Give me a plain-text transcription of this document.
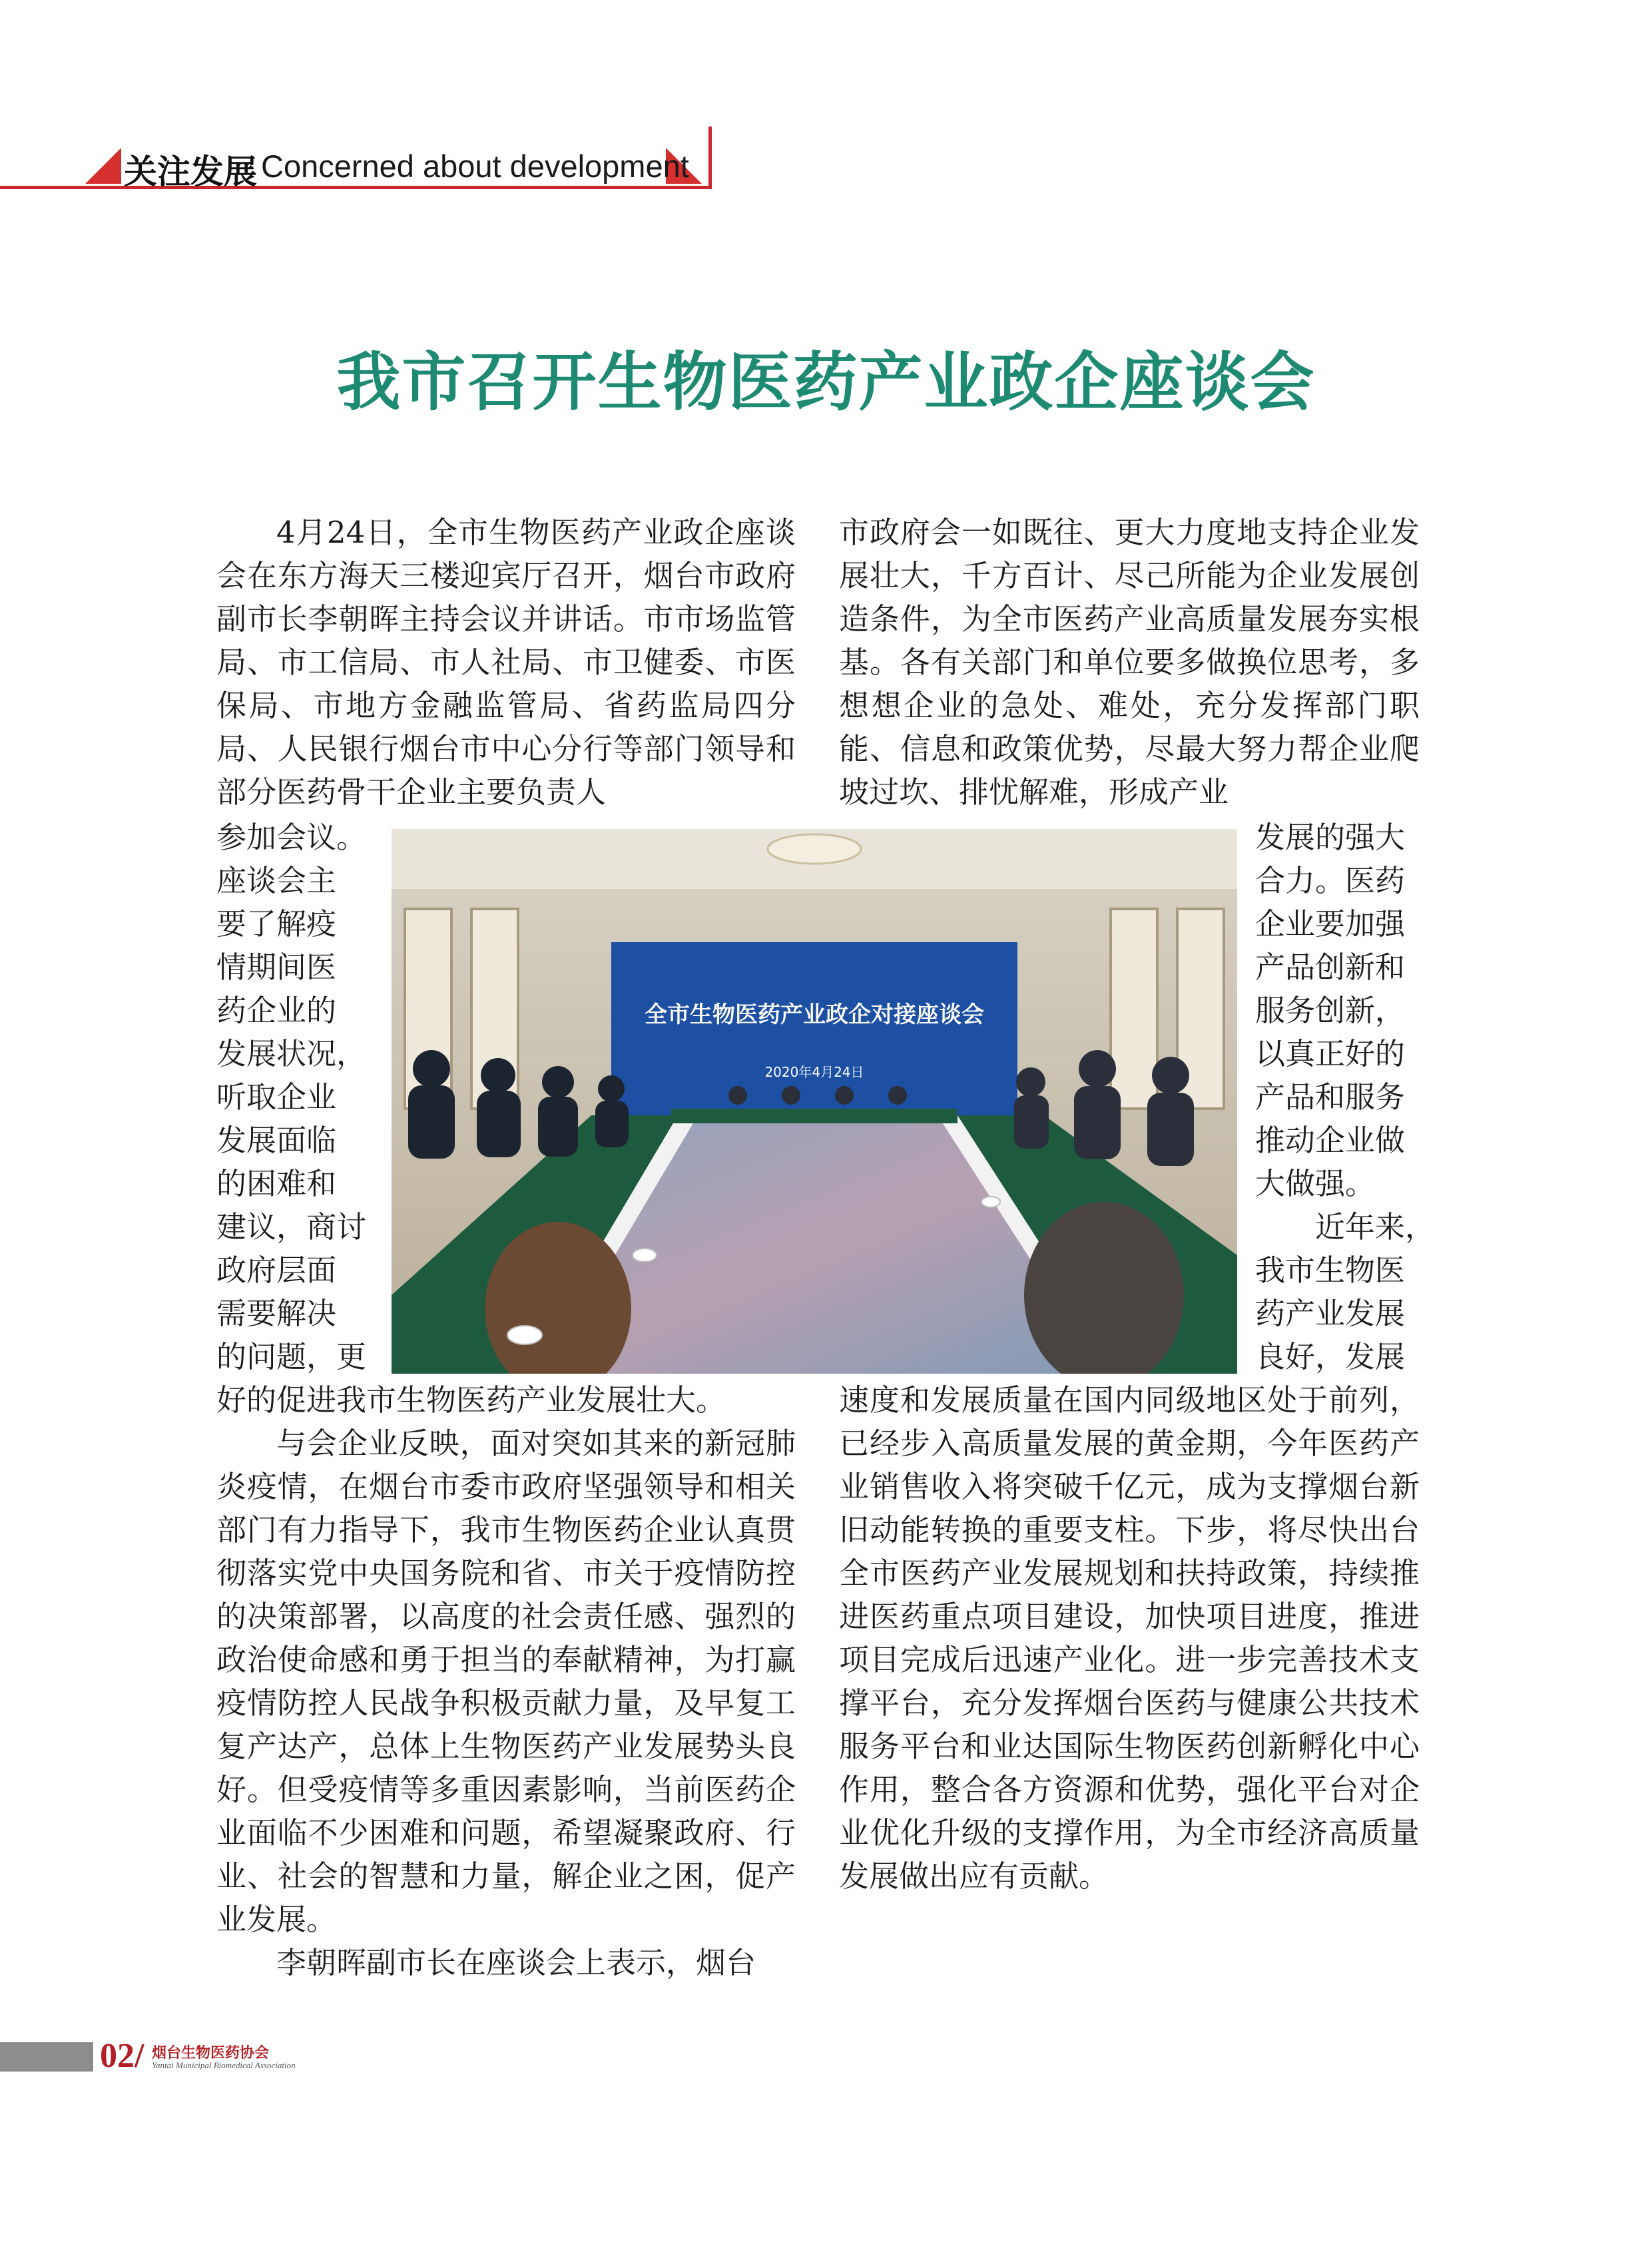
关注发展 Concerned about development
我市召开生物医药产业政企座谈会

4月24日，全市生物医药产业政企座谈会在东方海天三楼迎宾厅召开，烟台市政府副市长李朝晖主持会议并讲话。市市场监管局、市工信局、市人社局、市卫健委、市医保局、市地方金融监管局、省药监局四分局、人民银行烟台市中心分行等部门领导和部分医药骨干企业主要负责人

参加会议。
座谈会主
要了解疫
情期间医
药企业的
发展状况，
听取企业
发展面临
的困难和
建议，商讨
政府层面
需要解决
的问题，更

好的促进我市生物医药产业发展壮大。

与会企业反映，面对突如其来的新冠肺炎疫情，在烟台市委市政府坚强领导和相关部门有力指导下，我市生物医药企业认真贯彻落实党中央国务院和省、市关于疫情防控的决策部署，以高度的社会责任感、强烈的政治使命感和勇于担当的奉献精神，为打赢疫情防控人民战争积极贡献力量，及早复工复产达产，总体上生物医药产业发展势头良好。但受疫情等多重因素影响，当前医药企业面临不少困难和问题，希望凝聚政府、行业、社会的智慧和力量，解企业之困，促产业发展。

李朝晖副市长在座谈会上表示，烟台

市政府会一如既往、更大力度地支持企业发展壮大，千方百计、尽己所能为企业发展创造条件，为全市医药产业高质量发展夯实根基。各有关部门和单位要多做换位思考，多想想企业的急处、难处，充分发挥部门职能、信息和政策优势，尽最大努力帮企业爬坡过坎、排忧解难，形成产业

发展的强大
合力。医药
企业要加强
产品创新和
服务创新，
以真正好的
产品和服务
推动企业做
大做强。
近年来，
我市生物医
药产业发展
良好，发展

速度和发展质量在国内同级地区处于前列，已经步入高质量发展的黄金期，今年医药产业销售收入将突破千亿元，成为支撑烟台新旧动能转换的重要支柱。下步，将尽快出台全市医药产业发展规划和扶持政策，持续推进医药重点项目建设，加快项目进度，推进项目完成后迅速产业化。进一步完善技术支撑平台，充分发挥烟台医药与健康公共技术服务平台和业达国际生物医药创新孵化中心作用，整合各方资源和优势，强化平台对企业优化升级的支撑作用，为全市经济高质量发展做出应有贡献。

全市生物医药产业政企对接座谈会
2020年4月24日
02/ 烟台生物医药协会
Yantai Municipal Biomedical Association
